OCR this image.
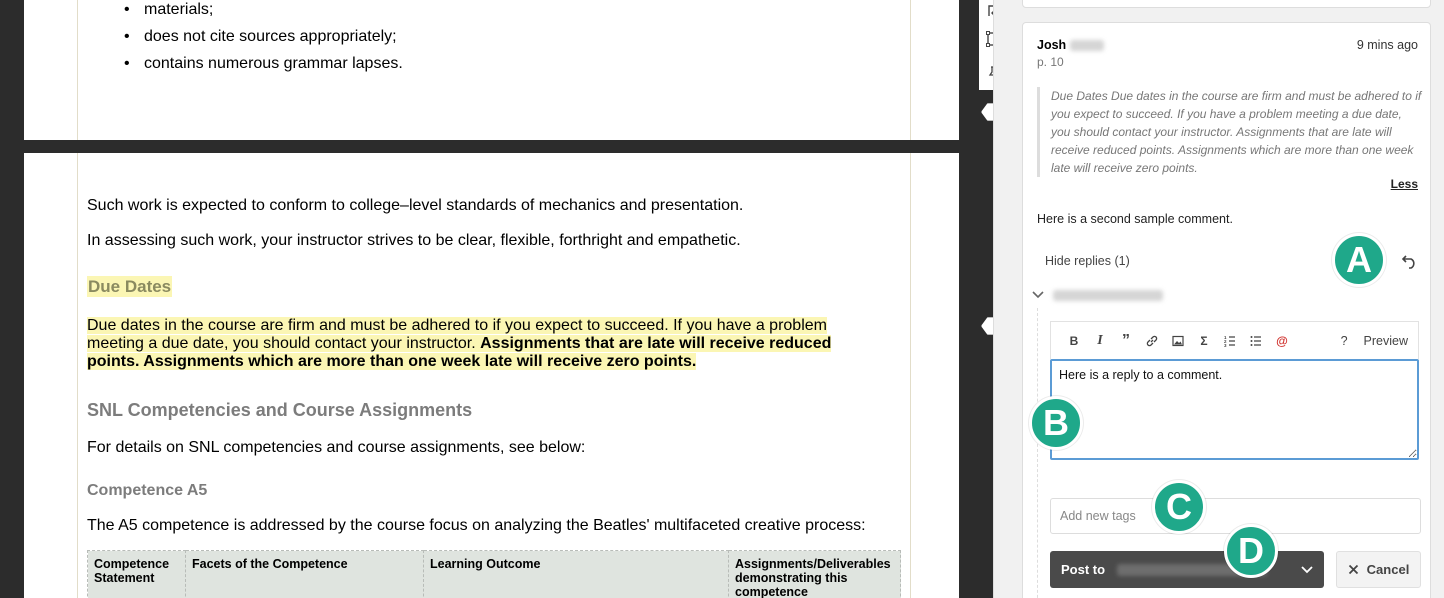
• materials;
• does not cite sources appropriately;
• contains numerous grammar lapses.
Such work is expected to conform to college–level standards of mechanics and presentation.
In assessing such work, your instructor strives to be clear, flexible, forthright and empathetic.
Due Dates
Due dates in the course are firm and must be adhered to if you expect to succeed. If you have a problem meeting a due date, you should contact your instructor. Assignments that are late will receive reduced points. Assignments which are more than one week late will receive zero points.
SNL Competencies and Course Assignments
For details on SNL competencies and course assignments, see below:
Competence A5
The A5 competence is addressed by the course focus on analyzing the Beatles' multifaceted creative process:
Competence Statement	Facets of the Competence	Learning Outcome	Assignments/Deliverables demonstrating this competence
Josh	9 mins ago
p. 10
Due Dates Due dates in the course are firm and must be adhered to if you expect to succeed. If you have a problem meeting a due date, you should contact your instructor. Assignments that are late will receive reduced points. Assignments which are more than one week late will receive zero points.
Less
Here is a second sample comment.
Hide replies (1)
B	I	”	Σ	1
2
3	@	? Preview
Here is a reply to a comment.
Add new tags
Post to	Cancel
A
B
C
D
